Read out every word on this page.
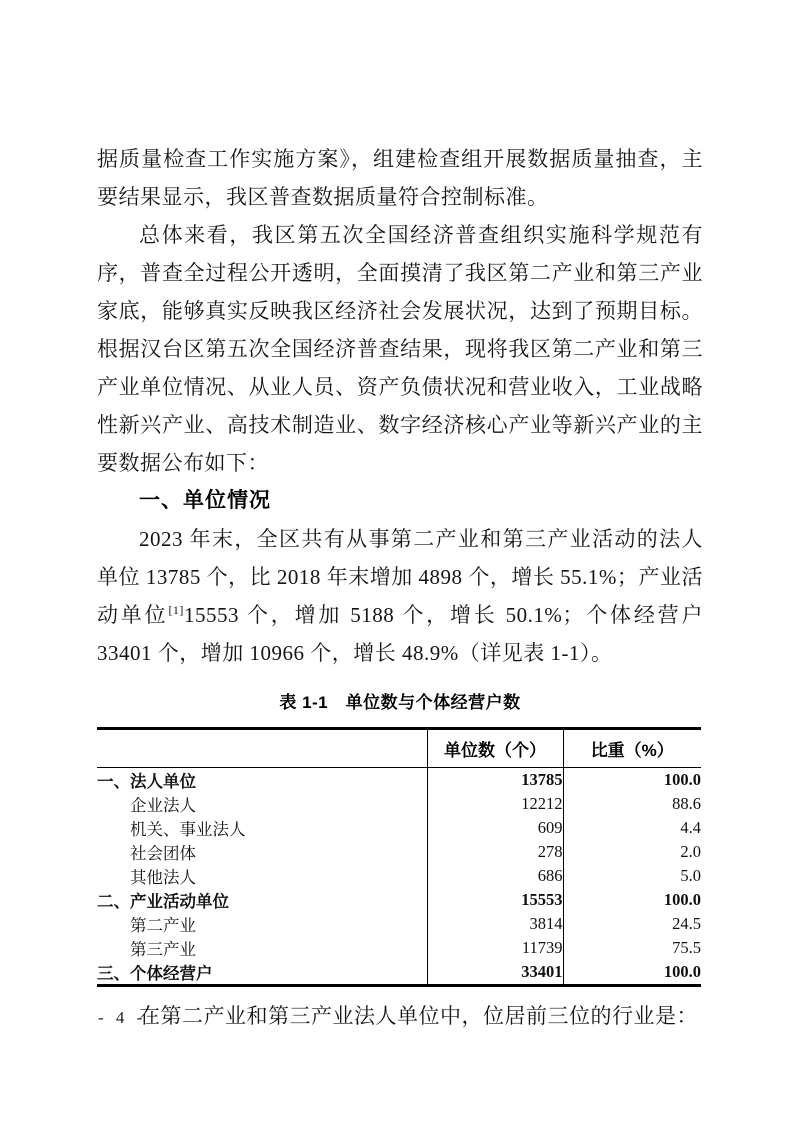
据质量检查工作实施方案》，组建检查组开展数据质量抽查，主要结果显示，我区普查数据质量符合控制标准。

总体来看，我区第五次全国经济普查组织实施科学规范有序，普查全过程公开透明，全面摸清了我区第二产业和第三产业家底，能够真实反映我区经济社会发展状况，达到了预期目标。根据汉台区第五次全国经济普查结果，现将我区第二产业和第三产业单位情况、从业人员、资产负债状况和营业收入，工业战略性新兴产业、高技术制造业、数字经济核心产业等新兴产业的主要数据公布如下：

一、单位情况

2023 年末，全区共有从事第二产业和第三产业活动的法人单位 13785 个，比 2018 年末增加 4898 个，增长 55.1%；产业活动单位[1]15553 个，增加 5188 个，增长 50.1%；个体经营户 33401 个，增加 10966 个，增长 48.9%（详见表 1-1）。

表 1-1　单位数与个体经营户数
	单位数（个）	比重（%）
一、法人单位	13785	100.0
企业法人	12212	88.6
机关、事业法人	609	4.4
社会团体	278	2.0
其他法人	686	5.0
二、产业活动单位	15553	100.0
第二产业	3814	24.5
第三产业	11739	75.5
三、个体经营户	33401	100.0

在第二产业和第三产业法人单位中，位居前三位的行业是：

- 4 -
